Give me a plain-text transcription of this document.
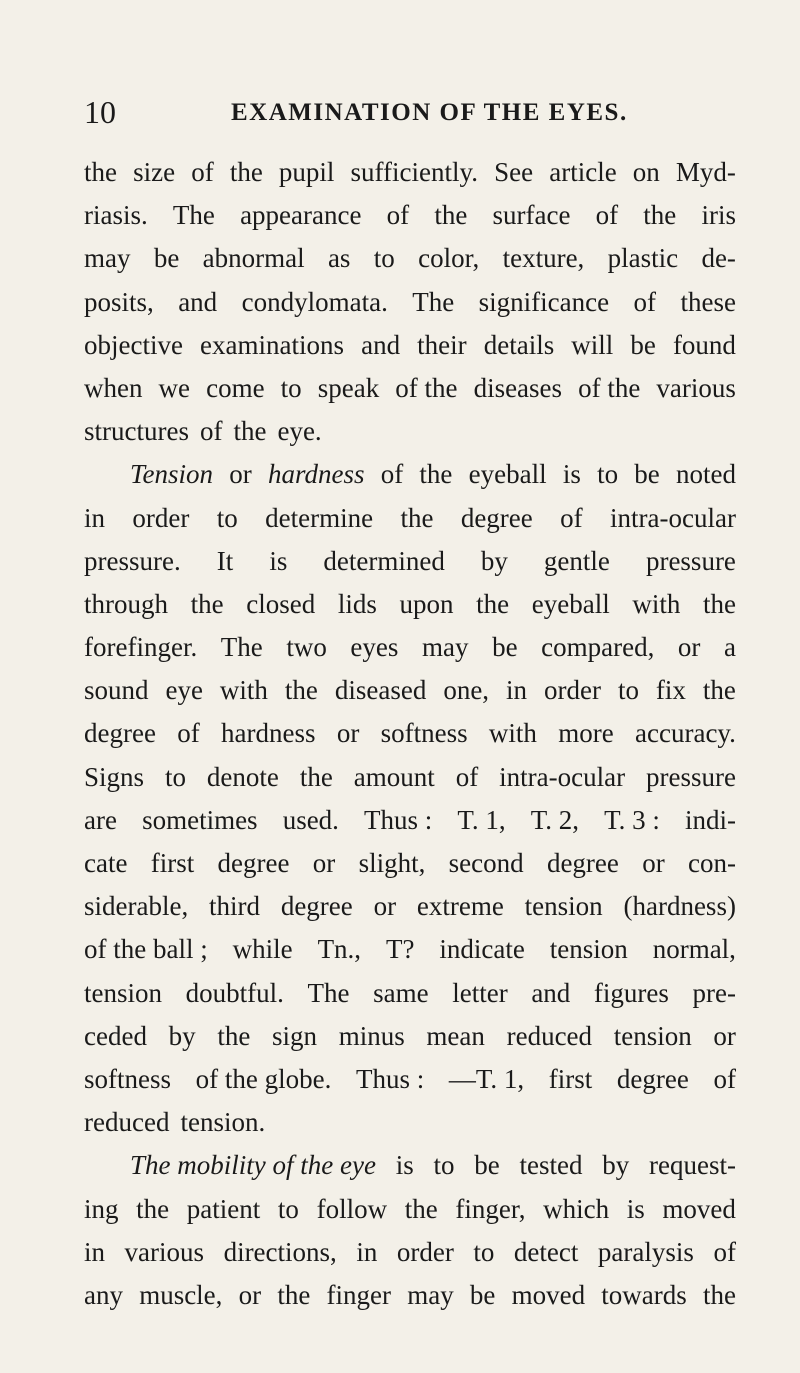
10	EXAMINATION OF THE EYES.
the size of the pupil sufficiently. See article on Myd-
riasis. The appearance of the surface of the iris
may be abnormal as to color, texture, plastic de-
posits, and condylomata. The significance of these
objective examinations and their details will be found
when we come to speak of the diseases of the various
structures of the eye.
Tension or hardness of the eyeball is to be noted
in order to determine the degree of intra-ocular
pressure. It is determined by gentle pressure
through the closed lids upon the eyeball with the
forefinger. The two eyes may be compared, or a
sound eye with the diseased one, in order to fix the
degree of hardness or softness with more accuracy.
Signs to denote the amount of intra-ocular pressure
are sometimes used. Thus : T. 1, T. 2, T. 3 : indi-
cate first degree or slight, second degree or con-
siderable, third degree or extreme tension (hardness)
of the ball ; while Tn., T? indicate tension normal,
tension doubtful. The same letter and figures pre-
ceded by the sign minus mean reduced tension or
softness of the globe. Thus : —T. 1, first degree of
reduced tension.
The mobility of the eye is to be tested by request-
ing the patient to follow the finger, which is moved
in various directions, in order to detect paralysis of
any muscle, or the finger may be moved towards the
